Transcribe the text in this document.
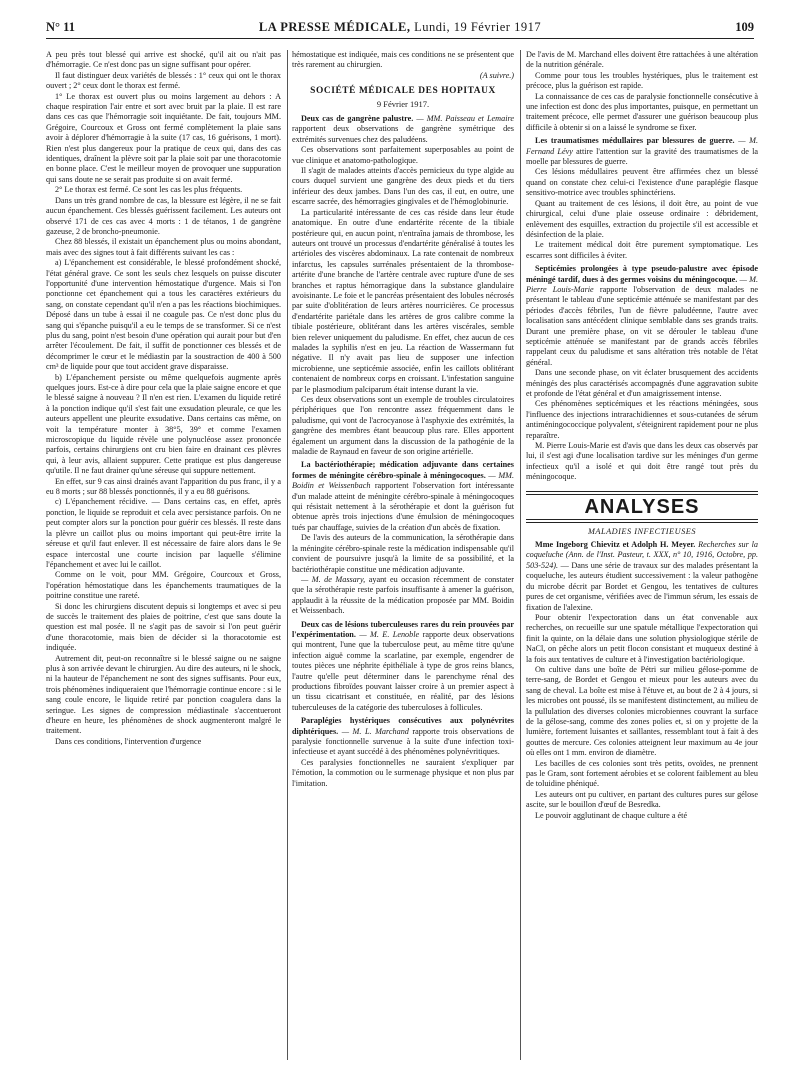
N° 11	LA PRESSE MÉDICALE, Lundi, 19 Février 1917	109

A peu près tout blessé qui arrive est shocké, qu'il ait ou n'ait pas d'hémorragie. Ce n'est donc pas un signe suffisant pour opérer.

Il faut distinguer deux variétés de blessés : 1° ceux qui ont le thorax ouvert ; 2° ceux dont le thorax est fermé.

1° Le thorax est ouvert plus ou moins largement au dehors : A chaque respiration l'air entre et sort avec bruit par la plaie. Il est rare dans ces cas que l'hémorragie soit inquiétante. De fait, toujours MM. Grégoire, Courcoux et Gross ont fermé complètement la plaie sans avoir à déplorer d'hémorragie à la suite (17 cas, 16 guérisons, 1 mort). Rien n'est plus dangereux pour la pratique de ceux qui, dans des cas identiques, draînent la plèvre soit par la plaie soit par une thoracotomie en bonne place. C'est le meilleur moyen de provoquer une suppuration qui sans doute ne se serait pas produite si on avait fermé.

2° Le thorax est fermé. Ce sont les cas les plus fréquents.

Dans un très grand nombre de cas, la blessure est légère, il ne se fait aucun épanchement. Ces blessés guérissent facilement. Les auteurs ont observé 171 de ces cas avec 4 morts : 1 de tétanos, 1 de gangrène gazeuse, 2 de broncho-pneumonie.

Chez 88 blessés, il existait un épanchement plus ou moins abondant, mais avec des signes tout à fait différents suivant les cas :

a) L'épanchement est considérable, le blessé profondément shocké, l'état général grave. Ce sont les seuls chez lesquels on puisse discuter l'opportunité d'une intervention hémostatique d'urgence. Mais si l'on ponctionne cet épanchement qui a tous les caractères extérieurs du sang, on constate cependant qu'il n'en a pas les réactions biochimiques. Déposé dans un tube à essai il ne coagule pas. Ce n'est donc plus du sang qui s'épanche puisqu'il a eu le temps de se transformer. Si ce n'est plus du sang, point n'est besoin d'une opération qui aurait pour but d'en arrêter l'écoulement. De fait, il suffit de ponctionner ces blessés et de décomprimer le cœur et le médiastin par la soustraction de 400 à 500 cm³ de liquide pour que tout accident grave disparaisse.

b) L'épanchement persiste ou même quelquefois augmente après quelques jours. Est-ce à dire pour cela que la plaie saigne encore et que le blessé saigne à nouveau ? Il n'en est rien. L'examen du liquide retiré à la ponction indique qu'il s'est fait une exsudation pleurale, ce que les auteurs appellent une pleurite exsudative. Dans certains cas même, on voit la température monter à 38°5, 39° et comme l'examen microscopique du liquide révèle une polynucléose assez prononcée parfois, certains chirurgiens ont cru bien faire en drainant ces plèvres qui, à leur avis, allaient suppurer. Cette pratique est plus dangereuse qu'utile. Il ne faut drainer qu'une séreuse qui suppure nettement.

En effet, sur 9 cas ainsi drainés avant l'apparition du pus franc, il y a eu 8 morts ; sur 88 blessés ponctionnés, il y a eu 88 guérisons.

c) L'épanchement récidive. — Dans certains cas, en effet, après ponction, le liquide se reproduit et cela avec persistance parfois. On ne peut compter alors sur la ponction pour guérir ces blessés. Il reste dans la plèvre un caillot plus ou moins important qui peut-être irrite la séreuse et qu'il faut enlever. Il est nécessaire de faire alors dans le 9e espace intercostal une courte incision par laquelle s'élimine l'épanchement et avec lui le caillot.

Comme on le voit, pour MM. Grégoire, Courcoux et Gross, l'opération hémostatique dans les épanchements traumatiques de la poitrine constitue une rareté.

Si donc les chirurgiens discutent depuis si longtemps et avec si peu de succès le traitement des plaies de poitrine, c'est que sans doute la question est mal posée. Il ne s'agit pas de savoir si l'on peut guérir d'une thoracotomie, mais bien de décider si la thoracotomie est indiquée.

Autrement dit, peut-on reconnaître si le blessé saigne ou ne saigne plus à son arrivée devant le chirurgien. Au dire des auteurs, ni le shock, ni la hauteur de l'épanchement ne sont des signes suffisants. Pour eux, trois phénomènes indiqueraient que l'hémorragie continue encore : si le sang coule encore, le liquide retiré par ponction coagulera dans la seringue. Les signes de compression médiastinale s'accentueront d'heure en heure, les phénomènes de shock augmenteront malgré le traitement.

Dans ces conditions, l'intervention d'urgence

hémostatique est indiquée, mais ces conditions ne se présentent que très rarement au chirurgien.

(A suivre.)

SOCIÉTÉ MÉDICALE DES HOPITAUX
9 Février 1917.

Deux cas de gangrène palustre. — MM. Paisseau et Lemaire rapportent deux observations de gangrène symétrique des extrémités survenues chez des paludéens.

Ces observations sont parfaitement superposables au point de vue clinique et anatomo-pathologique.

Il s'agit de malades atteints d'accès pernicieux du type algide au cours duquel survient une gangrène des deux pieds et du tiers inférieur des deux jambes. Dans l'un des cas, il eut, en outre, une escarre sacrée, des hémorragies gingivales et de l'hémoglobinurie.

La particularité intéressante de ces cas réside dans leur étude anatomique. En outre d'une endartérite récente de la tibiale postérieure qui, en aucun point, n'entraîna jamais de thrombose, les auteurs ont trouvé un processus d'endartérite généralisé à toutes les artérioles des viscères abdominaux. La rate contenait de nombreux infarctus, les capsules surrénales présentaient de la thrombose-artérite d'une branche de l'artère centrale avec rupture d'une de ses branches et raptus hémorragique dans la substance glandulaire avoisinante. Le foie et le pancréas présentaient des lobules nécrosés par suite d'oblitération de leurs artères nourricières. Ce processus d'endartérite pariétale dans les artères de gros calibre comme la tibiale postérieure, oblitérant dans les artères viscérales, semble bien relever uniquement du paludisme. En effet, chez aucun de ces malades la syphilis n'est en jeu. La réaction de Wassermann fut négative. Il n'y avait pas lieu de supposer une infection microbienne, une septicémie associée, enfin les caillots oblitérant contenaient de nombreux corps en croissant. L'infestation sanguine par le plasmodium palciparum était intense durant la vie.

Ces deux observations sont un exemple de troubles circulatoires périphériques que l'on rencontre assez fréquemment dans le paludisme, qui vont de l'acrocyanose à l'asphyxie des extrémités, la gangrène des membres étant beaucoup plus rare. Elles apportent également un argument dans la discussion de la pathogénie de la maladie de Raynaud en faveur de son origine artérielle.

La bactériothérapie; médication adjuvante dans certaines formes de méningite cérébro-spinale à méningocoques. — MM. Boidin et Weissenbach rapportent l'observation fort intéressante d'un malade atteint de méningite cérébro-spinale à méningocoques qui résistait nettement à la sérothérapie et dont la guérison fut obtenue après trois injections d'une émulsion de méningocoques tués par chauffage, suivies de la création d'un abcès de fixation.

De l'avis des auteurs de la communication, la sérothérapie dans la méningite cérébro-spinale reste la médication indispensable qu'il convient de poursuivre jusqu'à la limite de sa possibilité, et la bactériothérapie constitue une médication adjuvante.

— M. de Massary, ayant eu occasion récemment de constater que la sérothérapie reste parfois insuffisante à amener la guérison, applaudit à la réussite de la médication proposée par MM. Boidin et Weissenbach.

Deux cas de lésions tuberculeuses rares du rein prouvées par l'expérimentation. — M. E. Lenoble rapporte deux observations qui montrent, l'une que la tuberculose peut, au même titre qu'une infection aiguë comme la scarlatine, par exemple, engendrer de toutes pièces une néphrite épithéliale à type de gros reins blancs, l'autre qu'elle peut déterminer dans le parenchyme rénal des productions fibroïdes pouvant laisser croire à un premier aspect à un tissu cicatrisant et constituée, en réalité, par des lésions tuberculeuses de la catégorie des tuberculoses à follicules.

Paraplégies hystériques consécutives aux polynévrites diphtériques. — M. L. Marchand rapporte trois observations de paralysie fonctionnelle survenue à la suite d'une infection toxi-infectieuse et ayant succédé à des phénomènes polynévritiques.

Ces paralysies fonctionnelles ne sauraient s'expliquer par l'émotion, la commotion ou le surmenage physique et non plus par l'imitation.

De l'avis de M. Marchand elles doivent être rattachées à une altération de la nutrition générale.

Comme pour tous les troubles hystériques, plus le traitement est précoce, plus la guérison est rapide.

La connaissance de ces cas de paralysie fonctionnelle consécutive à une infection est donc des plus importantes, puisque, en permettant un traitement précoce, elle permet d'assurer une guérison beaucoup plus difficile à obtenir si on a laissé le syndrome se fixer.

Les traumatismes médullaires par blessures de guerre. — M. Fernand Lévy attire l'attention sur la gravité des traumatismes de la moelle par blessures de guerre.

Ces lésions médullaires peuvent être affirmées chez un blessé quand on constate chez celui-ci l'existence d'une paraplégie flasque sensitivo-motrice avec troubles sphinctériens.

Quant au traitement de ces lésions, il doit être, au point de vue chirurgical, celui d'une plaie osseuse ordinaire : débridement, enlèvement des esquilles, extraction du projectile s'il est accessible et désinfection de la plaie.

Le traitement médical doit être purement symptomatique. Les escarres sont difficiles à éviter.

Septicémies prolongées à type pseudo-palustre avec épisode méningé tardif, dues à des germes voisins du méningocoque. — M. Pierre Louis-Marie rapporte l'observation de deux malades ne présentant le tableau d'une septicémie atténuée se manifestant par des périodes d'accès fébriles, l'un de fièvre paludéenne, l'autre avec localisation sans antécédent clinique semblable dans ses grands traits. Durant une première phase, on vit se dérouler le tableau d'une septicémie atténuée se manifestant par de grands accès fébriles rappelant ceux du paludisme et sans altération très notable de l'état général.

Dans une seconde phase, on vit éclater brusquement des accidents méningés des plus caractérisés accompagnés d'une aggravation subite et profonde de l'état général et d'un amaigrissement intense.

Ces phénomènes septicémiques et les réactions méningées, sous l'influence des injections intrarachidiennes et sous-cutanées de sérum antiméningococcique polyvalent, s'éteignirent rapidement pour ne plus reparaître.

M. Pierre Louis-Marie est d'avis que dans les deux cas observés par lui, il s'est agi d'une localisation tardive sur les méninges d'un germe infectieux qu'il a isolé et qui doit être rangé tout près du méningocoque.

ANALYSES
MALADIES INFECTIEUSES

Mme Ingeborg Chievitz et Adolph H. Meyer. Recherches sur la coqueluche (Ann. de l'Inst. Pasteur, t. XXX, n° 10, 1916, Octobre, pp. 503-524). — Dans une série de travaux sur des malades présentant la coqueluche, les auteurs étudient successivement : la valeur pathogène du microbe décrit par Bordet et Gengou, les tentatives de cultures pures de cet organisme, vérifiées avec de l'immun sérum, les essais de fixation de l'alexine.

Pour obtenir l'expectoration dans un état convenable aux recherches, on recueille sur une spatule métallique l'expectoration qui finit la quinte, on la délaie dans une solution physiologique stérile de NaCl, on pêche alors un petit flocon consistant et muqueux destiné à la fois aux tentatives de culture et à l'investigation bactériologique.

On cultive dans une boîte de Pétri sur milieu gélose-pomme de terre-sang, de Bordet et Gengou et mieux pour les auteurs avec du sang de cheval. La boîte est mise à l'étuve et, au bout de 2 à 4 jours, si les microbes ont poussé, ils se manifestent distinctement, au milieu de la pullulation des diverses colonies microbiennes couvrant la surface de la gélose-sang, comme des zones polies et, si on y projette de la lumière, fortement luisantes et saillantes, ressemblant tout à fait à des gouttes de mercure. Ces colonies atteignent leur maximum au 4e jour où elles ont 1 mm. environ de diamètre.

Les bacilles de ces colonies sont très petits, ovoïdes, ne prennent pas le Gram, sont fortement aérobies et se colorent faiblement au bleu de toluidine phéniqué.

Les auteurs ont pu cultiver, en partant des cultures pures sur gélose ascite, sur le bouillon d'œuf de Besredka.

Le pouvoir agglutinant de chaque culture a été
